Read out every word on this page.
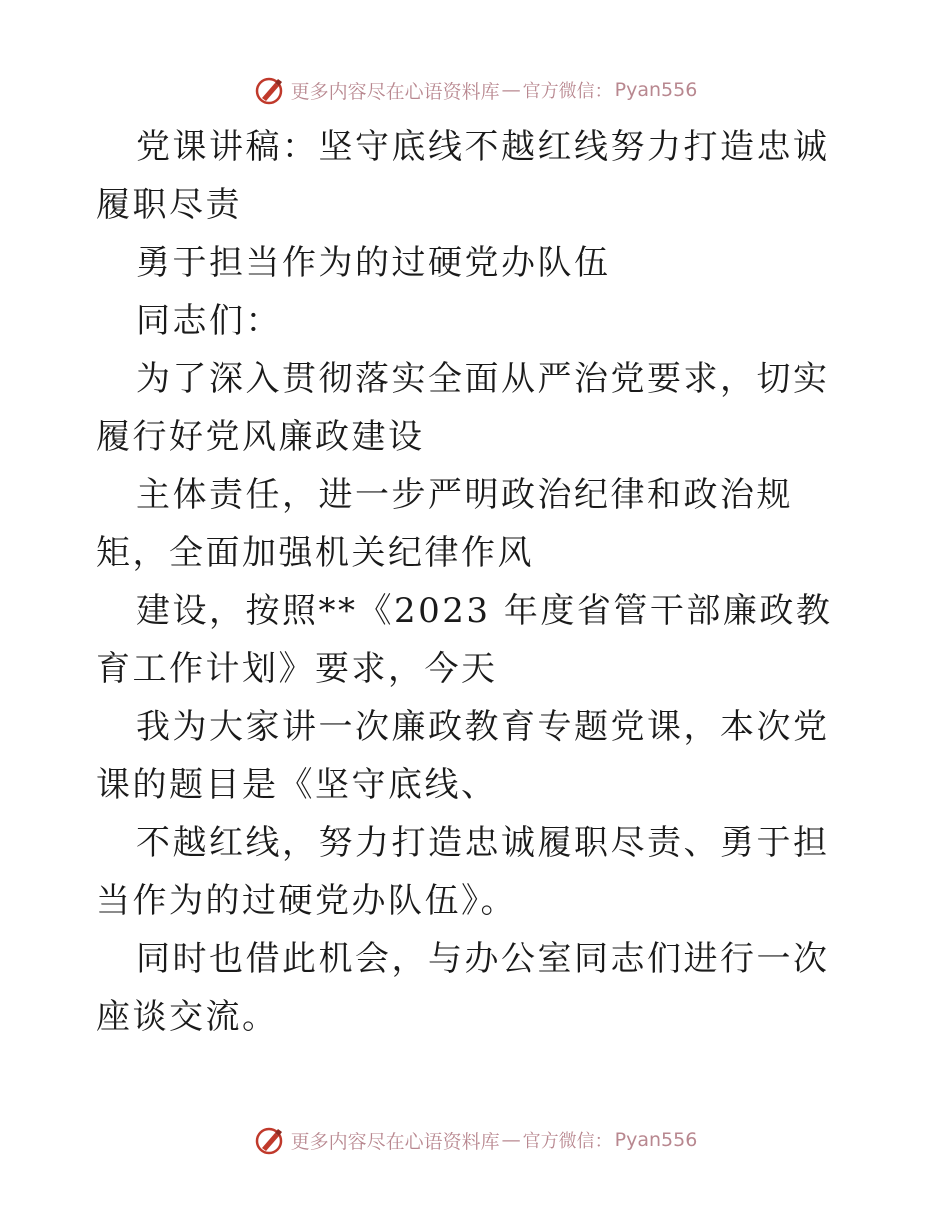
更多内容尽在心语资料库 — 官方微信： Pyan556

党课讲稿：坚守底线不越红线努力打造忠诚履职尽责

勇于担当作为的过硬党办队伍

同志们：

为了深入贯彻落实全面从严治党要求，切实履行好党风廉政建设

主体责任，进一步严明政治纪律和政治规矩，全面加强机关纪律作风

建设，按照**《2023 年度省管干部廉政教育工作计划》要求，今天

我为大家讲一次廉政教育专题党课，本次党课的题目是《坚守底线、

不越红线，努力打造忠诚履职尽责、勇于担当作为的过硬党办队伍》。

同时也借此机会，与办公室同志们进行一次座谈交流。

更多内容尽在心语资料库 — 官方微信： Pyan556
